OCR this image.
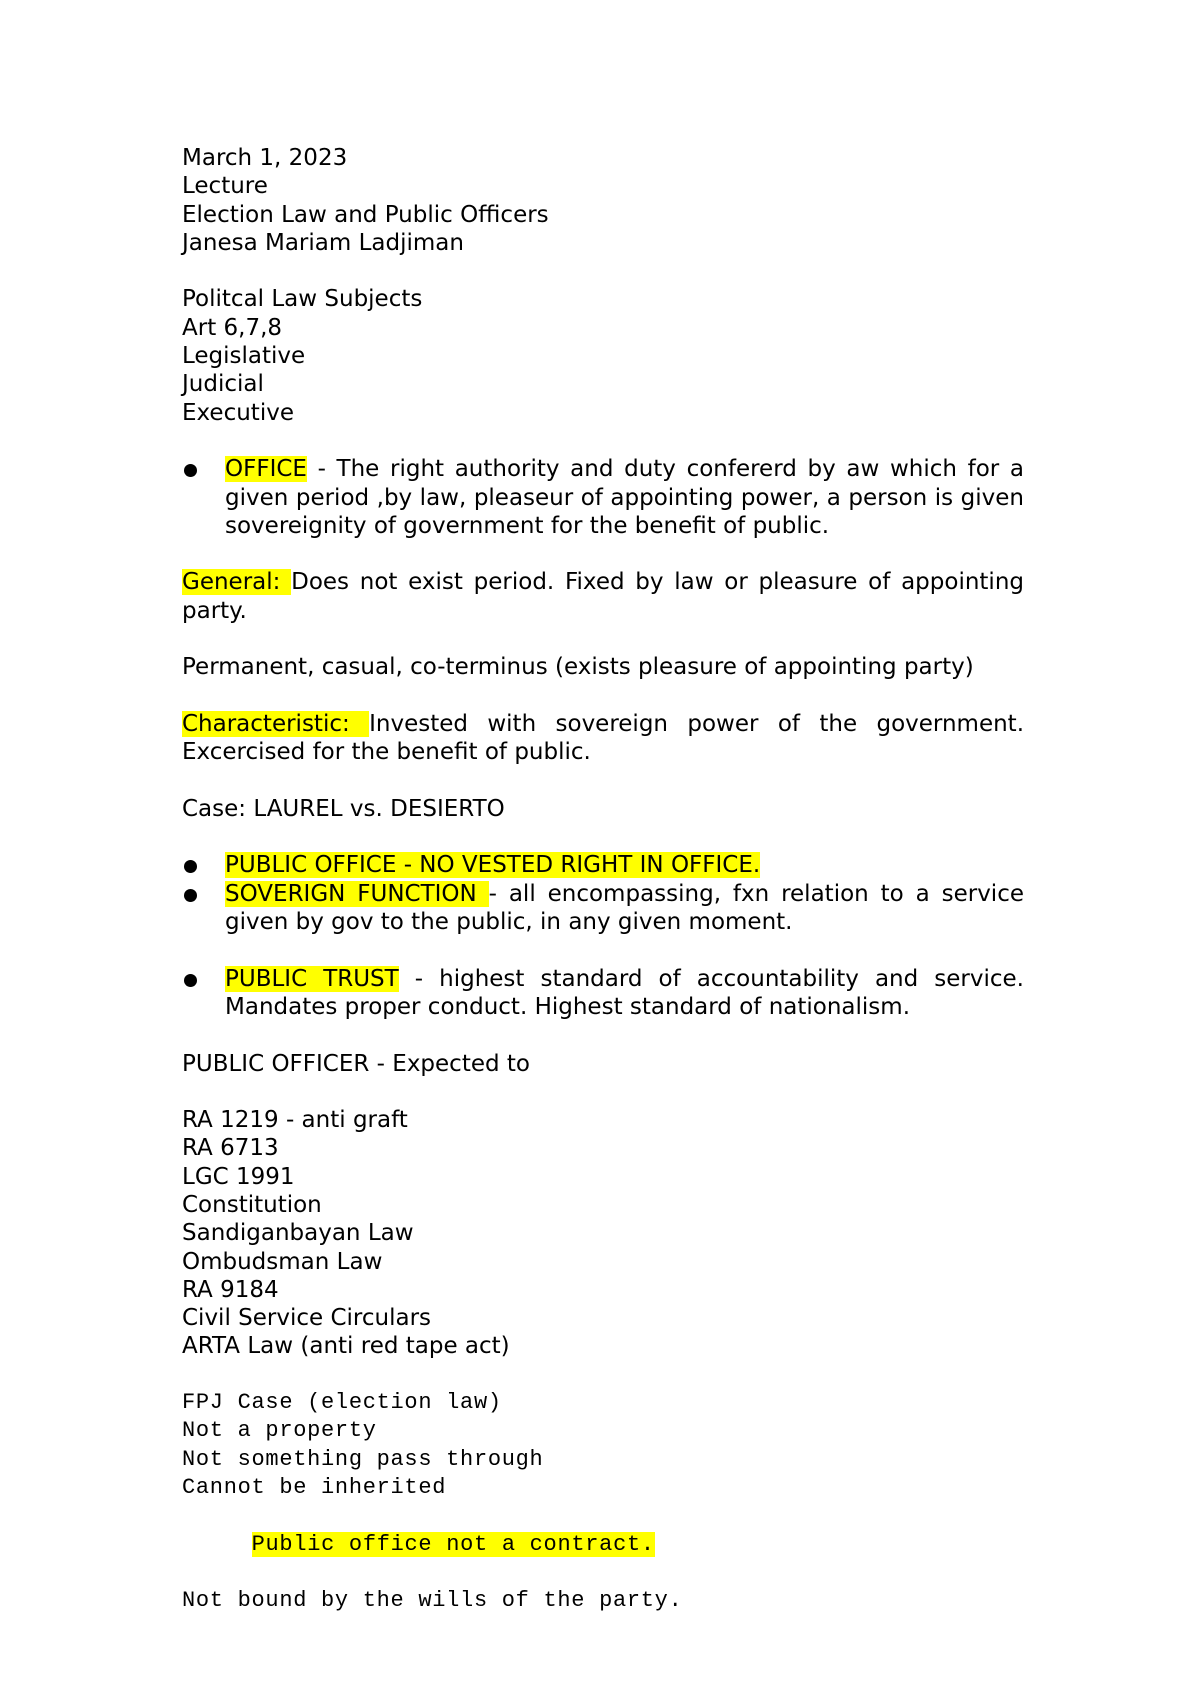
March 1, 2023
Lecture
Election Law and Public Officers
Janesa Mariam Ladjiman
Politcal Law Subjects
Art 6,7,8
Legislative
Judicial
Executive
OFFICE - The right authority and duty confererd by aw which for a given period ,by law, pleaseur of appointing power, a person is given sovereignity of government for the benefit of public.
General: Does not exist period. Fixed by law or pleasure of appointing party.
Permanent, casual, co-terminus (exists pleasure of appointing party)
Characteristic: Invested with sovereign power of the government. Excercised for the benefit of public.
Case: LAUREL vs. DESIERTO
PUBLIC OFFICE - NO VESTED RIGHT IN OFFICE.
SOVERIGN FUNCTION - all encompassing, fxn relation to a service given by gov to the public, in any given moment.
PUBLIC TRUST - highest standard of accountability and service. Mandates proper conduct. Highest standard of nationalism.
PUBLIC OFFICER - Expected to
RA 1219 - anti graft
RA 6713
LGC 1991
Constitution
Sandiganbayan Law
Ombudsman Law
RA 9184
Civil Service Circulars
ARTA Law (anti red tape act)
FPJ Case (election law)
Not a property
Not something pass through
Cannot be inherited

Public office not a contract.

Not bound by the wills of the party.
